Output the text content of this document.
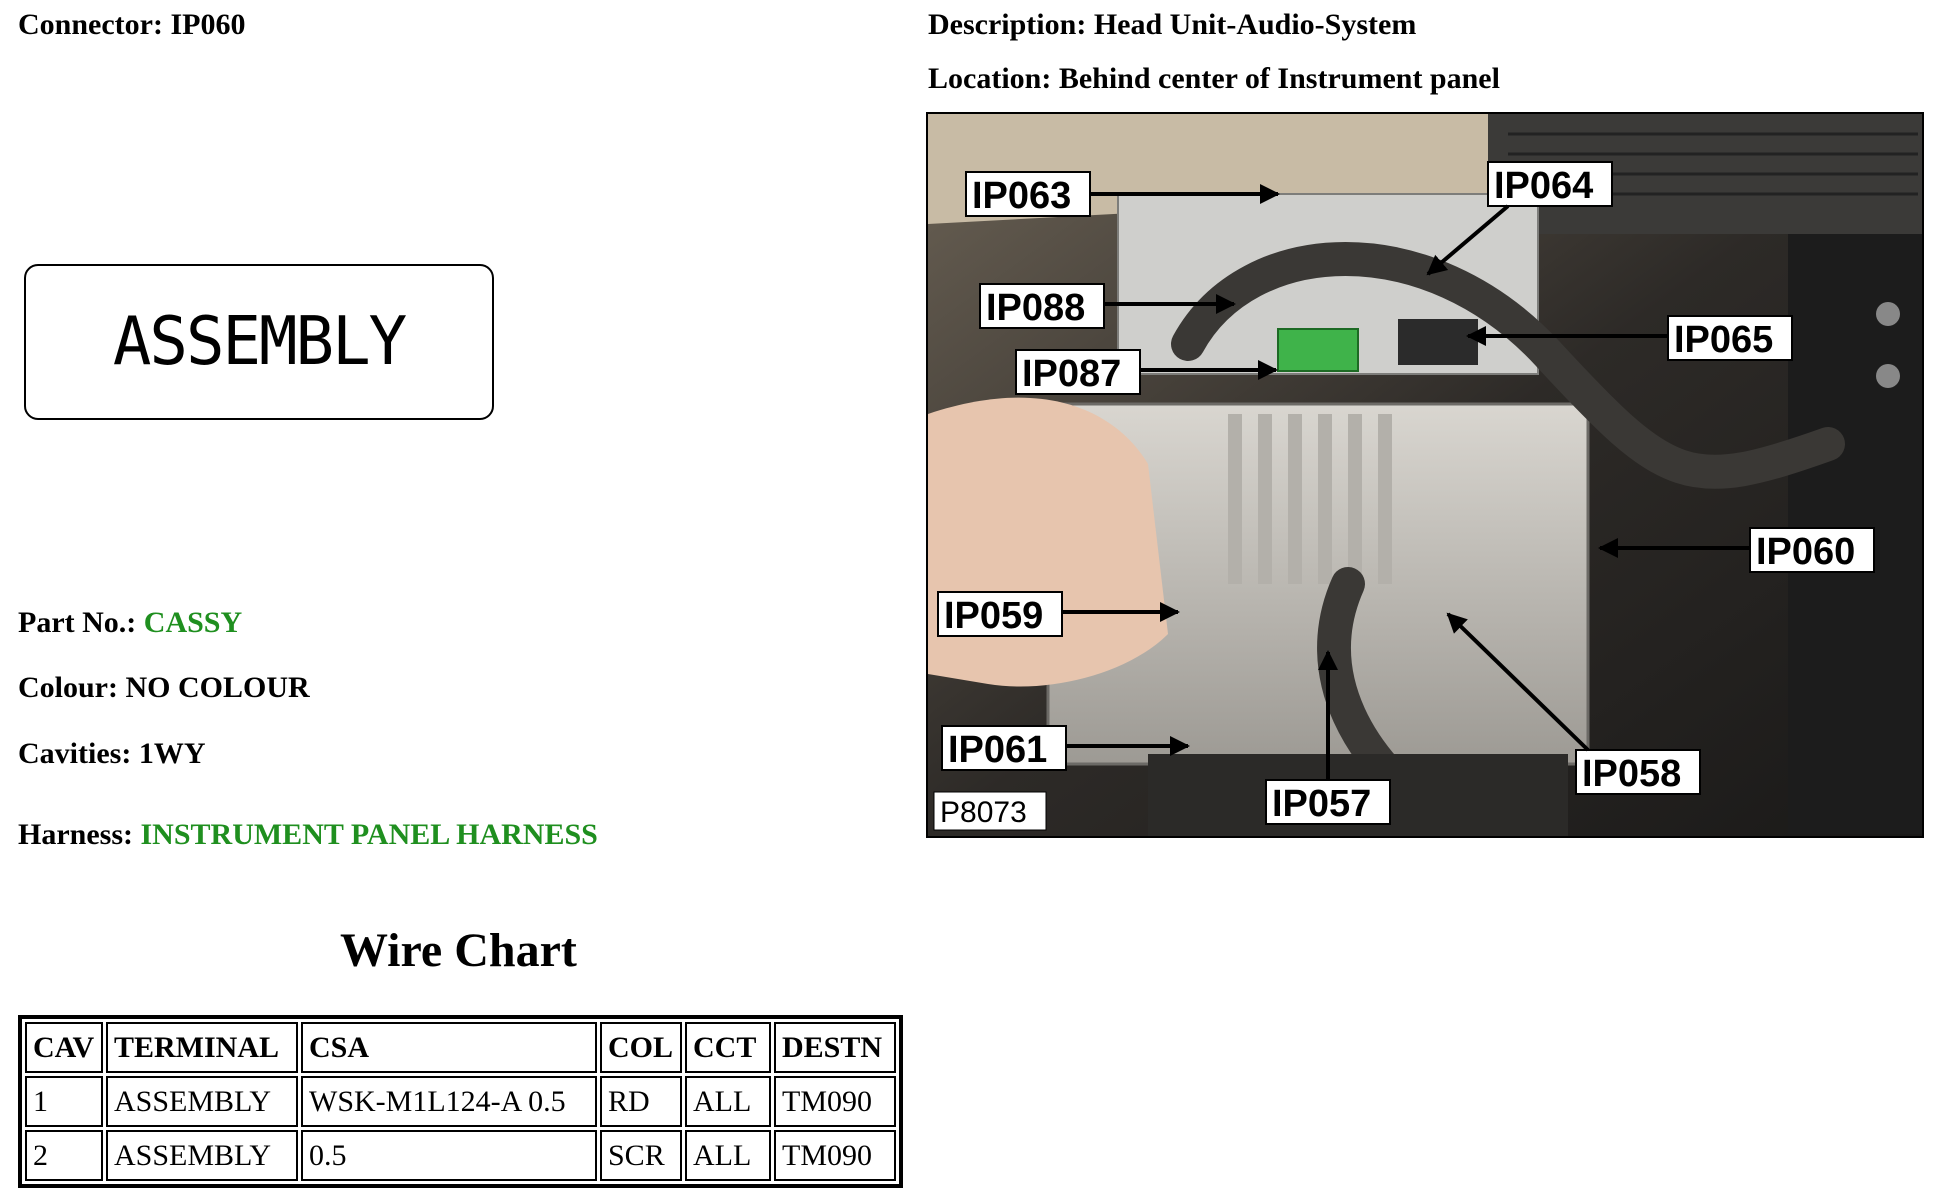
Connector: IP060	Description: Head Unit-Audio-System
Location: Behind center of Instrument panel
ASSEMBLY
Part No.: CASSY
Colour: NO COLOUR
Cavities: 1WY
Harness: INSTRUMENT PANEL HARNESS
Wire Chart
CAV	TERMINAL	CSA	COL	CCT	DESTN
1	ASSEMBLY	WSK-M1L124-A 0.5	RD	ALL	TM090
2	ASSEMBLY	0.5	SCR	ALL	TM090
IP063	IP064
IP088
IP065
IP087
IP060
IP059
IP061
IP057
IP058
P8073
